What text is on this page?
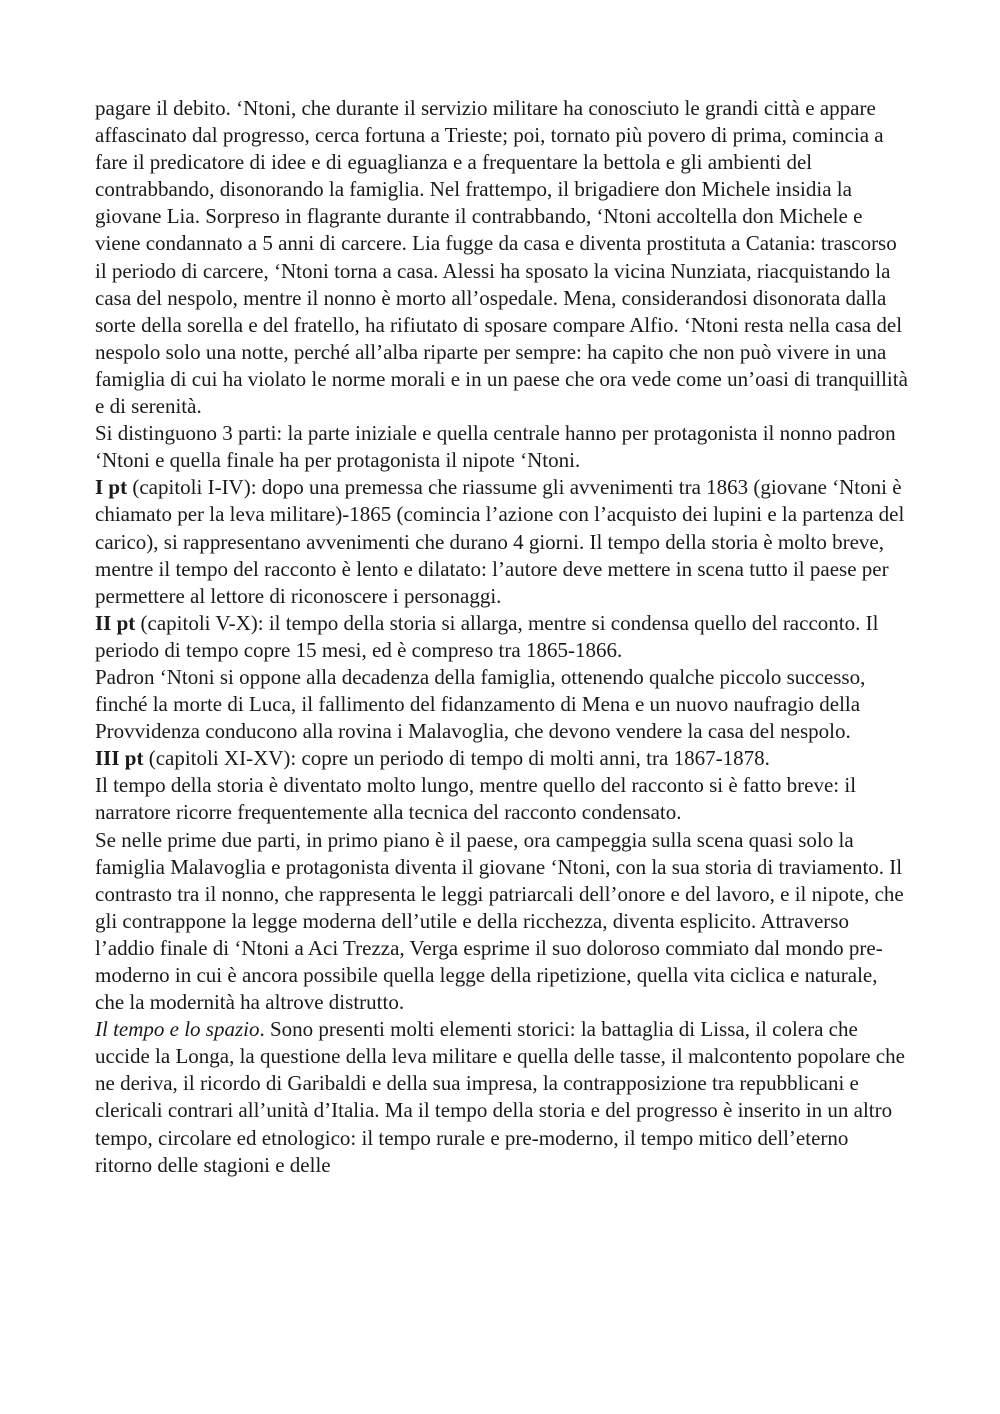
pagare il debito. ‘Ntoni, che durante il servizio militare ha conosciuto le grandi città e appare affascinato dal progresso, cerca fortuna a Trieste; poi, tornato più povero di prima, comincia a fare il predicatore di idee e di eguaglianza e a frequentare la bettola e gli ambienti del contrabbando, disonorando la famiglia. Nel frattempo, il brigadiere don Michele insidia la giovane Lia. Sorpreso in flagrante durante il contrabbando, ‘Ntoni accoltella don Michele e viene condannato a 5 anni di carcere. Lia fugge da casa e diventa prostituta a Catania: trascorso il periodo di carcere, ‘Ntoni torna a casa. Alessi ha sposato la vicina Nunziata, riacquistando la casa del nespolo, mentre il nonno è morto all’ospedale. Mena, considerandosi disonorata dalla sorte della sorella e del fratello, ha rifiutato di sposare compare Alfio. ‘Ntoni resta nella casa del nespolo solo una notte, perché all’alba riparte per sempre: ha capito che non può vivere in una famiglia di cui ha violato le norme morali e in un paese che ora vede come un’oasi di tranquillità e di serenità.

Si distinguono 3 parti: la parte iniziale e quella centrale hanno per protagonista il nonno padron ‘Ntoni e quella finale ha per protagonista il nipote ‘Ntoni.

I pt (capitoli I-IV): dopo una premessa che riassume gli avvenimenti tra 1863 (giovane ‘Ntoni è chiamato per la leva militare)-1865 (comincia l’azione con l’acquisto dei lupini e la partenza del carico), si rappresentano avvenimenti che durano 4 giorni. Il tempo della storia è molto breve, mentre il tempo del racconto è lento e dilatato: l’autore deve mettere in scena tutto il paese per permettere al lettore di riconoscere i personaggi.

II pt (capitoli V-X): il tempo della storia si allarga, mentre si condensa quello del racconto. Il periodo di tempo copre 15 mesi, ed è compreso tra 1865-1866.

Padron ‘Ntoni si oppone alla decadenza della famiglia, ottenendo qualche piccolo successo, finché la morte di Luca, il fallimento del fidanzamento di Mena e un nuovo naufragio della Provvidenza conducono alla rovina i Malavoglia, che devono vendere la casa del nespolo.

III pt (capitoli XI-XV): copre un periodo di tempo di molti anni, tra 1867-1878.

Il tempo della storia è diventato molto lungo, mentre quello del racconto si è fatto breve: il narratore ricorre frequentemente alla tecnica del racconto condensato.

Se nelle prime due parti, in primo piano è il paese, ora campeggia sulla scena quasi solo la famiglia Malavoglia e protagonista diventa il giovane ‘Ntoni, con la sua storia di traviamento. Il contrasto tra il nonno, che rappresenta le leggi patriarcali dell’onore e del lavoro, e il nipote, che gli contrappone la legge moderna dell’utile e della ricchezza, diventa esplicito. Attraverso l’addio finale di ‘Ntoni a Aci Trezza, Verga esprime il suo doloroso commiato dal mondo pre-moderno in cui è ancora possibile quella legge della ripetizione, quella vita ciclica e naturale, che la modernità ha altrove distrutto.

Il tempo e lo spazio. Sono presenti molti elementi storici: la battaglia di Lissa, il colera che uccide la Longa, la questione della leva militare e quella delle tasse, il malcontento popolare che ne deriva, il ricordo di Garibaldi e della sua impresa, la contrapposizione tra repubblicani e clericali contrari all’unità d’Italia. Ma il tempo della storia e del progresso è inserito in un altro tempo, circolare ed etnologico: il tempo rurale e pre-moderno, il tempo mitico dell’eterno ritorno delle stagioni e delle
